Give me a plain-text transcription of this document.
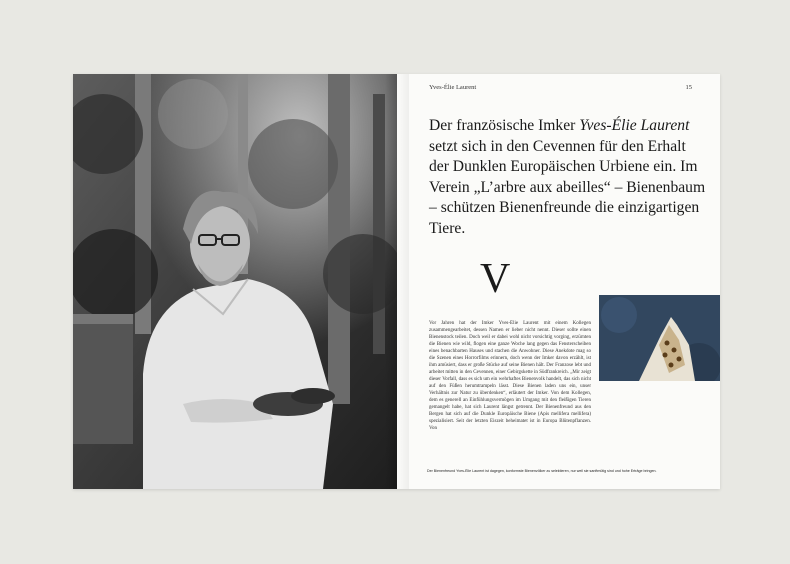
Yves-Élie Laurent	15
Der französische Imker Yves-Élie Laurent setzt sich in den Cevennen für den Erhalt der Dunklen Europäischen Urbiene ein. Im Verein „L’arbre aux abeilles“ – Bienenbaum – schützen Bienenfreunde die einzigartigen Tiere.
V
Vor Jahren hat der Imker Yves-Élie Laurent mit einem Kollegen zusammengearbeitet, dessen Namen er lieber nicht nennt. Dieser sollte einen Bienenstock teilen. Doch weil er dabei wohl nicht vorsichtig vorging, erzürnten die Bienen wie wild, flogen eine ganze Woche lang gegen das Fensterscheiben eines benachbarten Hauses und stachen die Anwohner. Diese Anekdote mag so die Szenen eines Horrorfilms erinnern, doch wenn der Imker davon erzählt, ist ihm amüsiert, dass er große Stücke auf seine Bienen hält. Der Franzose lebt und arbeitet mitten in den Cevennen, einer Gebirgskette in Südfrankreich. „Mir zeigt dieser Vorfall, dass es sich um ein wehrhaftes Bienenvolk handelt, das sich nicht auf den Füßen herumtrampeln lässt. Diese Bienen laden uns ein, unser Verhältnis zur Natur zu überdenken“, erläutert der Imker. Von dem Kollegen, dem es generell an Einfühlungsvermögen im Umgang mit den fleißigen Tieren gemangelt habe, hat sich Laurent längst getrennt. Der Bienenfreund aus den Bergen hat sich auf die Dunkle Europäische Biene (Apis mellifera mellifera) spezialisiert. Seit der letzten Eiszeit beheimatet ist in Europa Blütenpflanzen. Von
Der Bienenfreund Yves-Élie Laurent ist dagegen, konformste Bienenvölker zu selektieren, nur weil sie sanftmütig sind und hohe Erträge bringen.
